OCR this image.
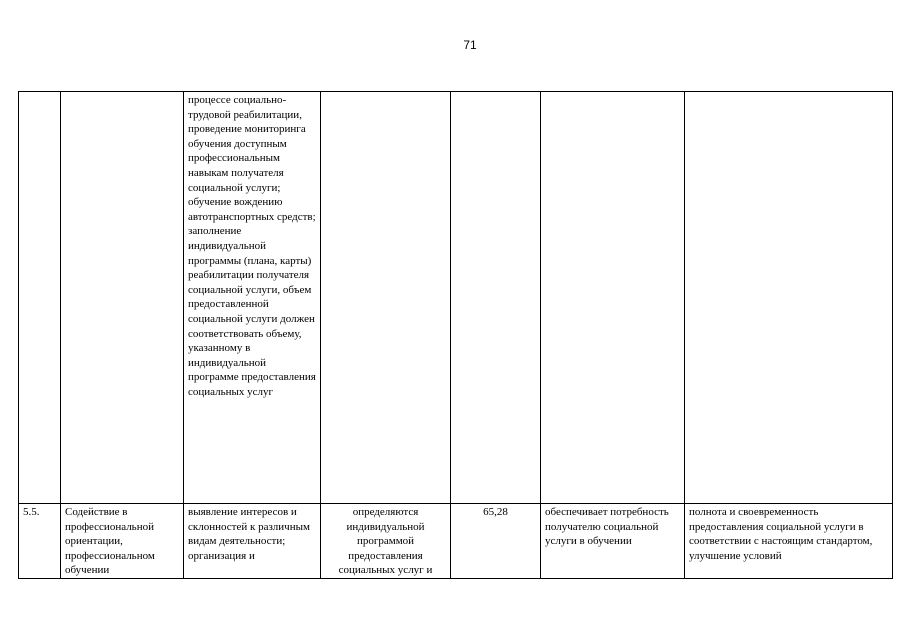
71
		процессе социально-трудовой реабилитации, проведение мониторинга обучения доступным профессиональным навыкам получателя социальной услуги; обучение вождению автотранспортных средств; заполнение индивидуальной программы (плана, карты) реабилитации получателя социальной услуги, объем предоставленной социальной услуги должен соответствовать объему, указанному в индивидуальной программе предоставления социальных услуг				
5.5.	Содействие в профессиональной ориентации, профессиональном обучении	выявление интересов и склонностей к различным видам деятельности; организация и	определяются индивидуальной программой предоставления социальных услуг и	65,28	обеспечивает потребность получателю социальной услуги в обучении	полнота и своевременность предоставления социальной услуги в соответствии с настоящим стандартом, улучшение условий
